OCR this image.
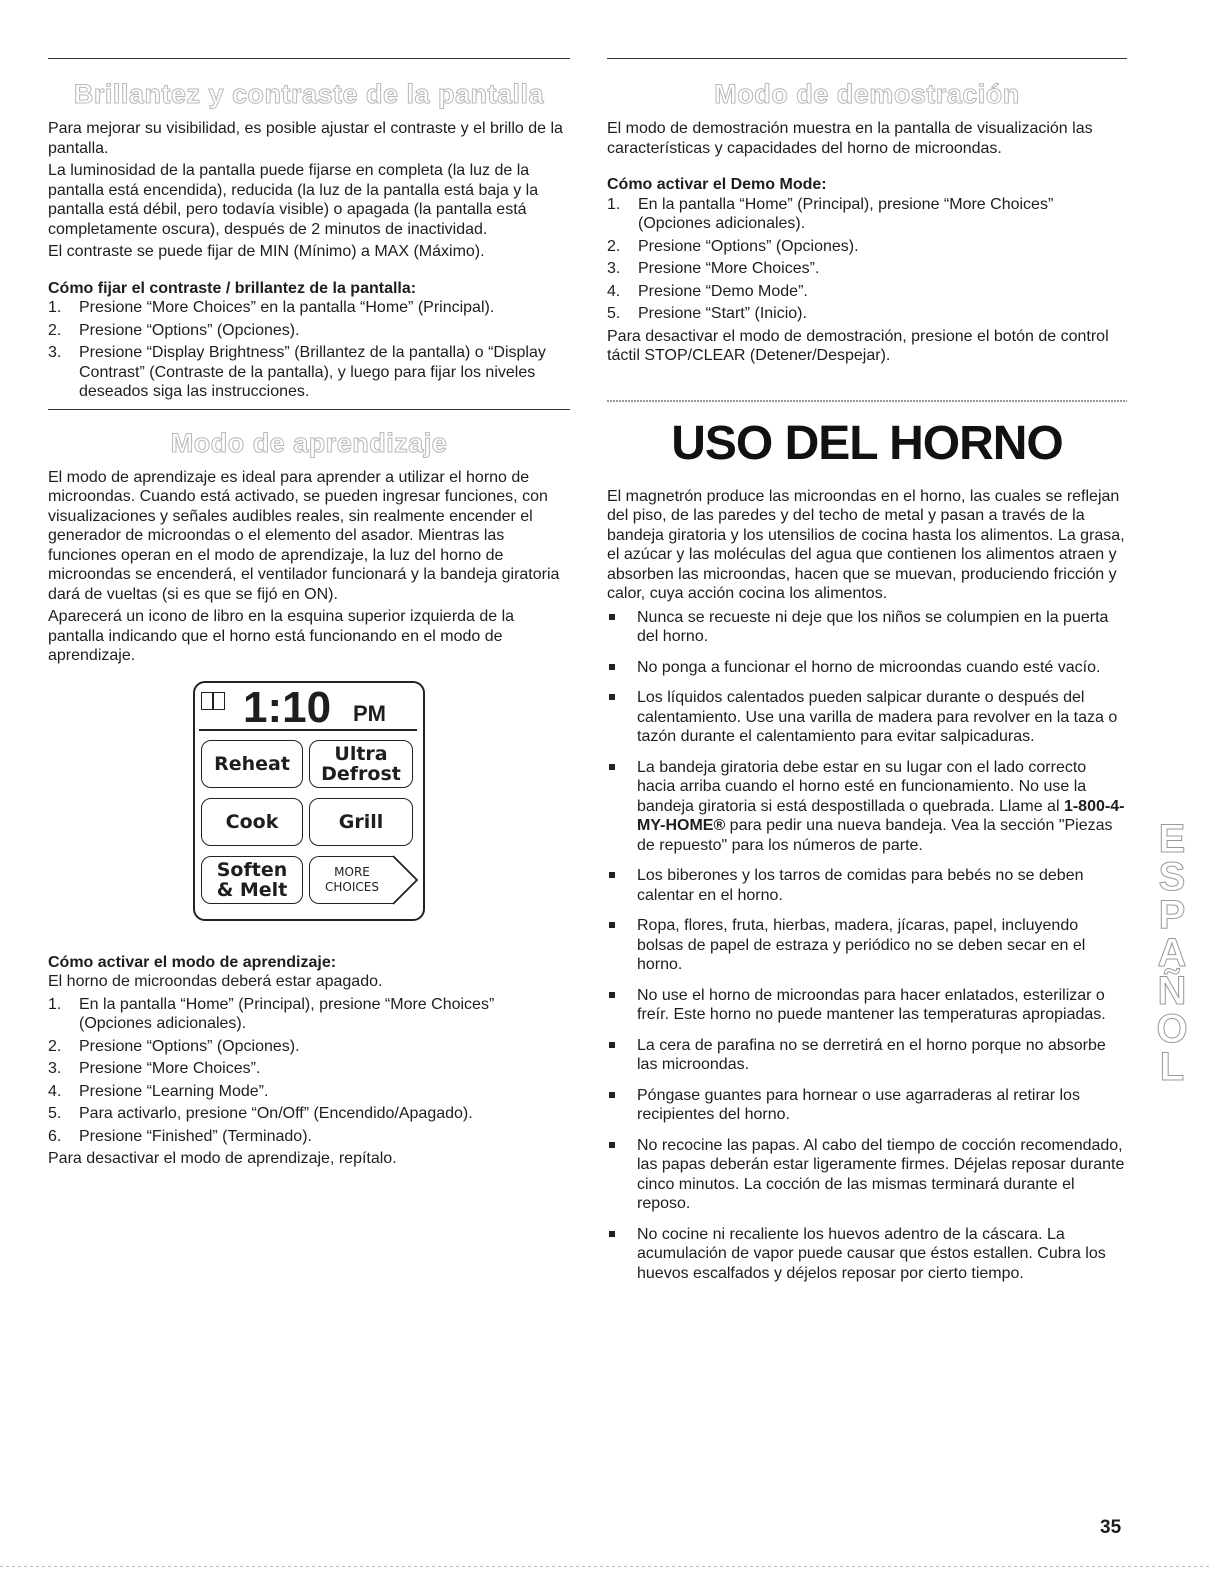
Brillantez y contraste de la pantalla

Para mejorar su visibilidad, es posible ajustar el contraste y el brillo de la pantalla.

La luminosidad de la pantalla puede fijarse en completa (la luz de la pantalla está encendida), reducida (la luz de la pantalla está baja y la pantalla está débil, pero todavía visible) o apagada (la pantalla está completamente oscura), después de 2 minutos de inactividad.

El contraste se puede fijar de MIN (Mínimo) a MAX (Máximo).

Cómo fijar el contraste / brillantez de la pantalla:
1. Presione “More Choices” en la pantalla “Home” (Principal).
2. Presione “Options” (Opciones).
3. Presione “Display Brightness” (Brillantez de la pantalla) o “Display Contrast” (Contraste de la pantalla), y luego para fijar los niveles deseados siga las instrucciones.
Modo de aprendizaje

El modo de aprendizaje es ideal para aprender a utilizar el horno de microondas. Cuando está activado, se pueden ingresar funciones, con visualizaciones y señales audibles reales, sin realmente encender el generador de microondas o el elemento del asador. Mientras las funciones operan en el modo de aprendizaje, la luz del horno de microondas se encenderá, el ventilador funcionará y la bandeja giratoria dará de vueltas (si es que se fijó en ON).

Aparecerá un icono de libro en la esquina superior izquierda de la pantalla indicando que el horno está funcionando en el modo de aprendizaje.

1:10 PM
Reheat	Ultra
Defrost
Cook	Grill
Soften
& Melt
MORE
CHOICES
Cómo activar el modo de aprendizaje:

El horno de microondas deberá estar apagado.

1. En la pantalla “Home” (Principal), presione “More Choices” (Opciones adicionales).
2. Presione “Options” (Opciones).
3. Presione “More Choices”.
4. Presione “Learning Mode”.
5. Para activarlo, presione “On/Off” (Encendido/Apagado).
6. Presione “Finished” (Terminado).

Para desactivar el modo de aprendizaje, repítalo.

Modo de demostración

El modo de demostración muestra en la pantalla de visualización las características y capacidades del horno de microondas.

Cómo activar el Demo Mode:
1. En la pantalla “Home” (Principal), presione “More Choices” (Opciones adicionales).
2. Presione “Options” (Opciones).
3. Presione “More Choices”.
4. Presione “Demo Mode”.
5. Presione “Start” (Inicio).

Para desactivar el modo de demostración, presione el botón de control táctil STOP/CLEAR (Detener/Despejar).

USO DEL HORNO

El magnetrón produce las microondas en el horno, las cuales se reflejan del piso, de las paredes y del techo de metal y pasan a través de la bandeja giratoria y los utensilios de cocina hasta los alimentos. La grasa, el azúcar y las moléculas del agua que contienen los alimentos atraen y absorben las microondas, hacen que se muevan, produciendo fricción y calor, cuya acción cocina los alimentos.

Nunca se recueste ni deje que los niños se columpien en la puerta del horno.
No ponga a funcionar el horno de microondas cuando esté vacío.
Los líquidos calentados pueden salpicar durante o después del calentamiento. Use una varilla de madera para revolver en la taza o tazón durante el calentamiento para evitar salpicaduras.
La bandeja giratoria debe estar en su lugar con el lado correcto hacia arriba cuando el horno esté en funcionamiento. No use la bandeja giratoria si está despostillada o quebrada. Llame al 1-800-4-MY-HOME® para pedir una nueva bandeja. Vea la sección "Piezas de repuesto" para los números de parte.
Los biberones y los tarros de comidas para bebés no se deben calentar en el horno.
Ropa, flores, fruta, hierbas, madera, jícaras, papel, incluyendo bolsas de papel de estraza y periódico no se deben secar en el horno.
No use el horno de microondas para hacer enlatados, esterilizar o freír. Este horno no puede mantener las temperaturas apropiadas.
La cera de parafina no se derretirá en el horno porque no absorbe las microondas.
Póngase guantes para hornear o use agarraderas al retirar los recipientes del horno.
No recocine las papas. Al cabo del tiempo de cocción recomendado, las papas deberán estar ligeramente firmes. Déjelas reposar durante cinco minutos. La cocción de las mismas terminará durante el reposo.
No cocine ni recaliente los huevos adentro de la cáscara. La acumulación de vapor puede causar que éstos estallen. Cubra los huevos escalfados y déjelos reposar por cierto tiempo.
E
S
P
A
Ñ
O
L
35
